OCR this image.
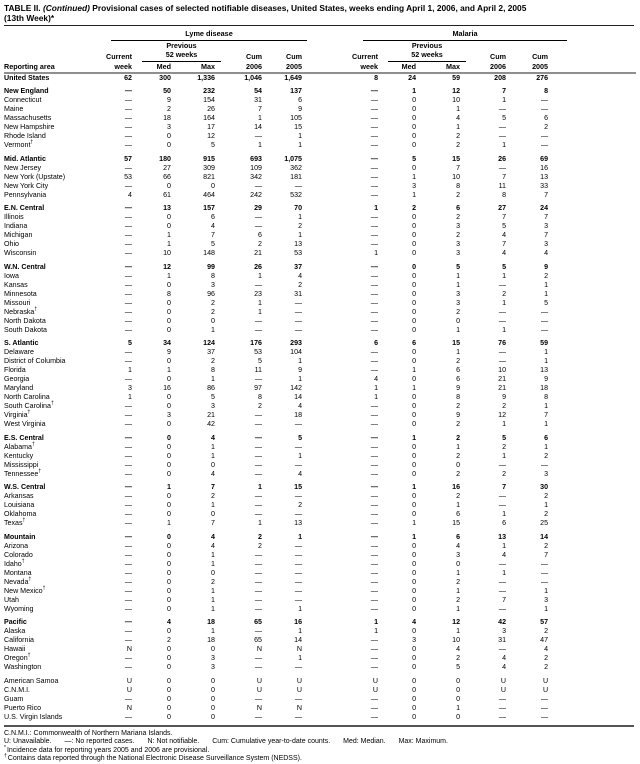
TABLE II. (Continued) Provisional cases of selected notifiable diseases, United States, weeks ending April 1, 2006, and April 2, 2005
(13th Week)*
Reporting area	Lyme disease					Malaria					

		Previous					Previous				

	Current	52 weeks		Cum	Cum	Current	52 weeks		Cum	Cum	
	week	Med	Max	2006	2005	week	Med	Max	2006	2005	
United States	62	300	1,336	1,046	1,649	8	24	59	208	276	
New England	—	50	232	54	137	—	1	12	7	8	
Connecticut	—	9	154	31	6	—	0	10	1	—	
Maine	—	2	26	7	9	—	0	1	—	—	
Massachusetts	—	18	164	1	105	—	0	4	5	6	
New Hampshire	—	3	17	14	15	—	0	1	—	2	
Rhode Island	—	0	12	—	1	—	0	2	—	—	
Vermont†	—	0	5	1	1	—	0	2	1	—	
Mid. Atlantic	57	180	915	693	1,075	—	5	15	26	69	
New Jersey	—	27	309	109	362	—	0	7	—	16	
New York (Upstate)	53	66	821	342	181	—	1	10	7	13	
New York City	—	0	0	—	—	—	3	8	11	33	
Pennsylvania	4	61	464	242	532	—	1	2	8	7	
E.N. Central	—	13	157	29	70	1	2	6	27	24	
Illinois	—	0	6	—	1	—	0	2	7	7	
Indiana	—	0	4	—	2	—	0	3	5	3	
Michigan	—	1	7	6	1	—	0	2	4	7	
Ohio	—	1	5	2	13	—	0	3	7	3	
Wisconsin	—	10	148	21	53	1	0	3	4	4	
W.N. Central	—	12	99	26	37	—	0	5	5	9	
Iowa	—	1	8	1	4	—	0	1	1	2	
Kansas	—	0	3	—	2	—	0	1	—	1	
Minnesota	—	8	96	23	31	—	0	3	2	1	
Missouri	—	0	2	1	—	—	0	3	1	5	
Nebraska†	—	0	2	1	—	—	0	2	—	—	
North Dakota	—	0	0	—	—	—	0	0	—	—	
South Dakota	—	0	1	—	—	—	0	1	1	—	
S. Atlantic	5	34	124	176	293	6	6	15	76	59	
Delaware	—	9	37	53	104	—	0	1	—	1	
District of Columbia	—	0	2	5	1	—	0	2	—	1	
Florida	1	1	8	11	9	—	1	6	10	13	
Georgia	—	0	1	—	1	4	0	6	21	9	
Maryland	3	16	86	97	142	1	1	9	21	18	
North Carolina	1	0	5	8	14	1	0	8	9	8	
South Carolina†	—	0	3	2	4	—	0	2	2	1	
Virginia†	—	3	21	—	18	—	0	9	12	7	
West Virginia	—	0	42	—	—	—	0	2	1	1	
E.S. Central	—	0	4	—	5	—	1	2	5	6	
Alabama†	—	0	1	—	—	—	0	1	2	1	
Kentucky	—	0	1	—	1	—	0	2	1	2	
Mississippi	—	0	0	—	—	—	0	0	—	—	
Tennessee†	—	0	4	—	4	—	0	2	2	3	
W.S. Central	—	1	7	1	15	—	1	16	7	30	
Arkansas	—	0	2	—	—	—	0	2	—	2	
Louisiana	—	0	1	—	2	—	0	1	—	1	
Oklahoma	—	0	0	—	—	—	0	6	1	2	
Texas†	—	1	7	1	13	—	1	15	6	25	
Mountain	—	0	4	2	1	—	1	6	13	14	
Arizona	—	0	4	2	—	—	0	4	1	2	
Colorado	—	0	1	—	—	—	0	3	4	7	
Idaho†	—	0	1	—	—	—	0	0	—	—	
Montana	—	0	0	—	—	—	0	1	1	—	
Nevada†	—	0	2	—	—	—	0	2	—	—	
New Mexico†	—	0	1	—	—	—	0	1	—	1	
Utah	—	0	1	—	—	—	0	2	7	3	
Wyoming	—	0	1	—	1	—	0	1	—	1	
Pacific	—	4	18	65	16	1	4	12	42	57	
Alaska	—	0	1	—	1	1	0	1	3	2	
California	—	2	18	65	14	—	3	10	31	47	
Hawaii	N	0	0	N	N	—	0	4	—	4	
Oregon†	—	0	3	—	1	—	0	2	4	2	
Washington	—	0	3	—	—	—	0	5	4	2	
American Samoa	U	0	0	U	U	U	0	0	U	U	
C.N.M.I.	U	0	0	U	U	U	0	0	U	U	
Guam	—	0	0	—	—	—	0	0	—	—	
Puerto Rico	N	0	0	N	N	—	0	1	—	—	
U.S. Virgin Islands	—	0	0	—	—	—	0	0	—	—	
C.N.M.I.: Commonwealth of Northern Mariana Islands.
U: Unavailable. —: No reported cases. N: Not notifiable. Cum: Cumulative year-to-date counts. Med: Median. Max: Maximum.
*Incidence data for reporting years 2005 and 2006 are provisional.
†Contains data reported through the National Electronic Disease Surveillance System (NEDSS).
